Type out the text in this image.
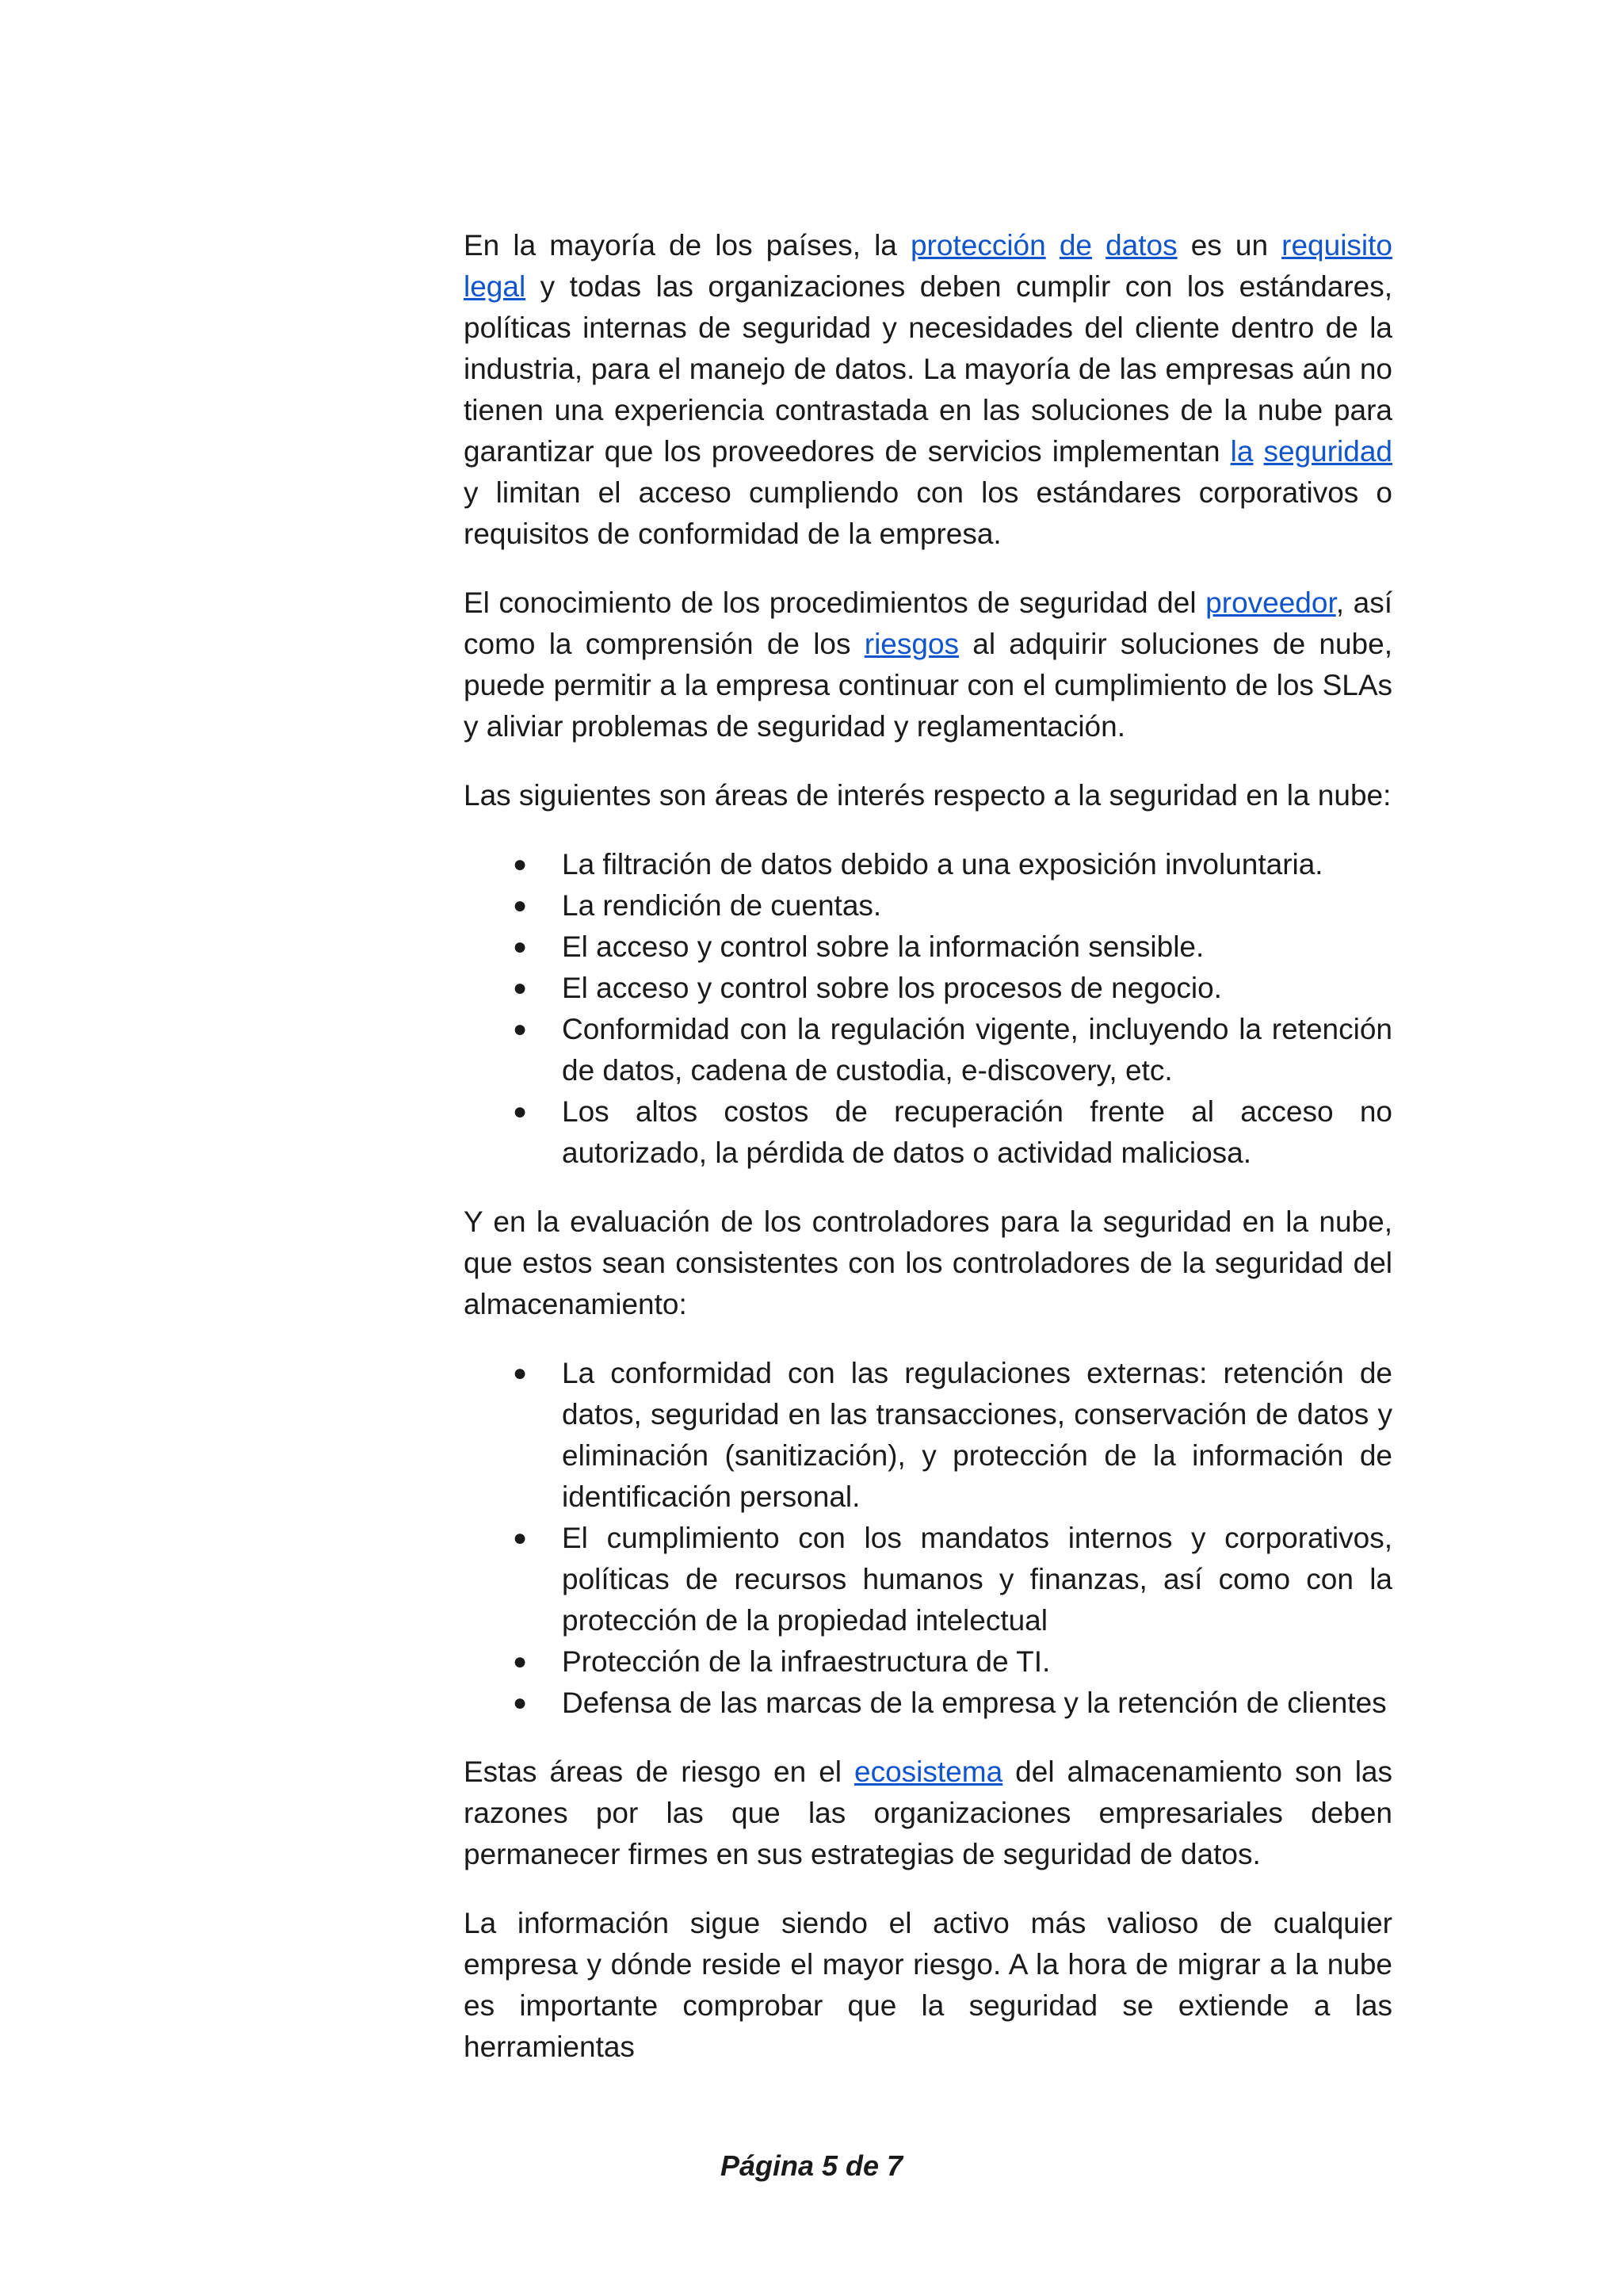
En la mayoría de los países, la protección de datos es un requisito legal y todas las organizaciones deben cumplir con los estándares, políticas internas de seguridad y necesidades del cliente dentro de la industria, para el manejo de datos. La mayoría de las empresas aún no tienen una experiencia contrastada en las soluciones de la nube para garantizar que los proveedores de servicios implementan la seguridad y limitan el acceso cumpliendo con los estándares corporativos o requisitos de conformidad de la empresa.

El conocimiento de los procedimientos de seguridad del proveedor, así como la comprensión de los riesgos al adquirir soluciones de nube, puede permitir a la empresa continuar con el cumplimiento de los SLAs y aliviar problemas de seguridad y reglamentación.

Las siguientes son áreas de interés respecto a la seguridad en la nube:

● La filtración de datos debido a una exposición involuntaria.
● La rendición de cuentas.
● El acceso y control sobre la información sensible.
● El acceso y control sobre los procesos de negocio.
● Conformidad con la regulación vigente, incluyendo la retención de datos, cadena de custodia, e-discovery, etc.
● Los altos costos de recuperación frente al acceso no autorizado, la pérdida de datos o actividad maliciosa.

Y en la evaluación de los controladores para la seguridad en la nube, que estos sean consistentes con los controladores de la seguridad del almacenamiento:

● La conformidad con las regulaciones externas: retención de datos, seguridad en las transacciones, conservación de datos y eliminación (sanitización), y protección de la información de identificación personal.
● El cumplimiento con los mandatos internos y corporativos, políticas de recursos humanos y finanzas, así como con la protección de la propiedad intelectual
● Protección de la infraestructura de TI.
● Defensa de las marcas de la empresa y la retención de clientes

Estas áreas de riesgo en el ecosistema del almacenamiento son las razones por las que las organizaciones empresariales deben permanecer firmes en sus estrategias de seguridad de datos.

La información sigue siendo el activo más valioso de cualquier empresa y dónde reside el mayor riesgo. A la hora de migrar a la nube es importante comprobar que la seguridad se extiende a las herramientas

Página 5 de 7
